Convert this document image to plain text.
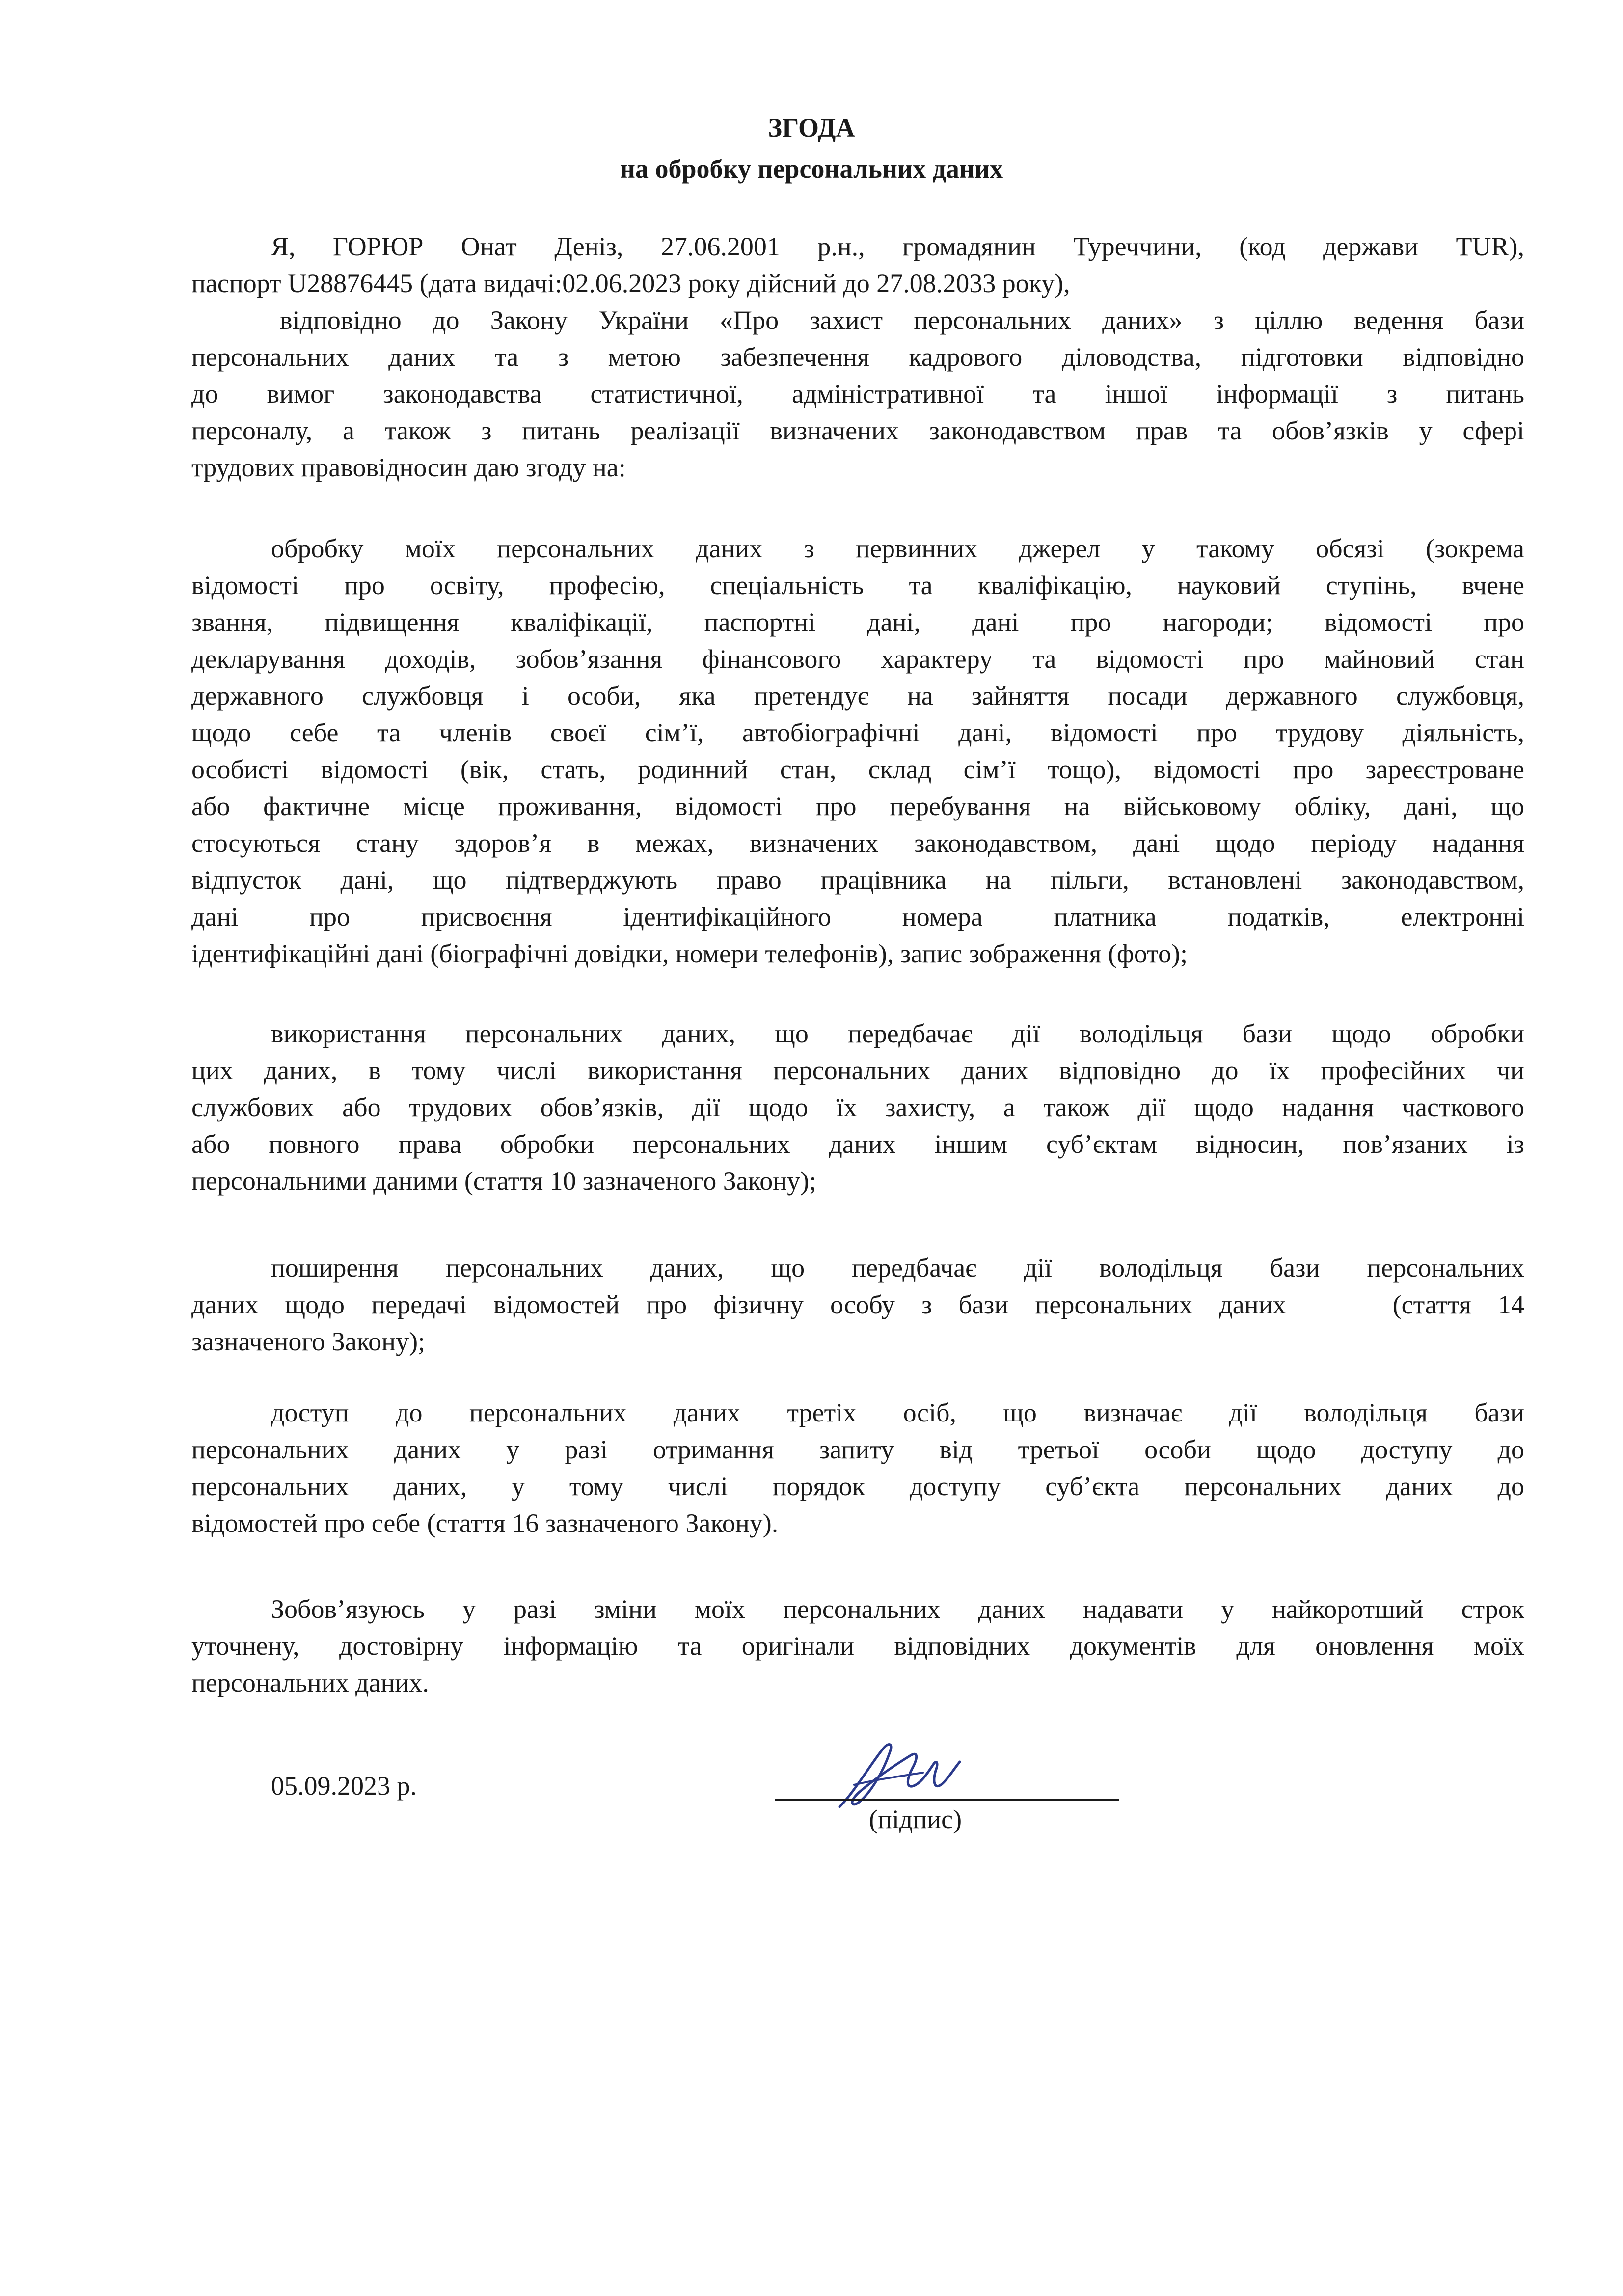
ЗГОДА
на обробку персональних даних
Я, ГОРЮР Онат Деніз, 27.06.2001 р.н., громадянин Туреччини, (код держави TUR),
паспорт U28876445 (дата видачі:02.06.2023 року дійсний до 27.08.2033 року),
відповідно до Закону України «Про захист персональних даних» з ціллю ведення бази
персональних даних та з метою забезпечення кадрового діловодства, підготовки відповідно
до вимог законодавства статистичної, адміністративної та іншої інформації з питань
персоналу, а також з питань реалізації визначених законодавством прав та обов’язків у сфері
трудових правовідносин даю згоду на:
обробку моїх персональних даних з первинних джерел у такому обсязі (зокрема
відомості про освіту, професію, спеціальність та кваліфікацію, науковий ступінь, вчене
звання, підвищення кваліфікації, паспортні дані, дані про нагороди; відомості про
декларування доходів, зобов’язання фінансового характеру та відомості про майновий стан
державного службовця і особи, яка претендує на зайняття посади державного службовця,
щодо себе та членів своєї сім’ї, автобіографічні дані, відомості про трудову діяльність,
особисті відомості (вік, стать, родинний стан, склад сім’ї тощо), відомості про зареєстроване
або фактичне місце проживання, відомості про перебування на військовому обліку, дані, що
стосуються стану здоров’я в межах, визначених законодавством, дані щодо періоду надання
відпусток дані, що підтверджують право працівника на пільги, встановлені законодавством,
дані про присвоєння ідентифікаційного номера платника податків, електронні
ідентифікаційні дані (біографічні довідки, номери телефонів), запис зображення (фото);
використання персональних даних, що передбачає дії володільця бази щодо обробки
цих даних, в тому числі використання персональних даних відповідно до їх професійних чи
службових або трудових обов’язків, дії щодо їх захисту, а також дії щодо надання часткового
або повного права обробки персональних даних іншим суб’єктам відносин, пов’язаних із
персональними даними (стаття 10 зазначеного Закону);
поширення персональних даних, що передбачає дії володільця бази персональних
даних щодо передачі відомостей про фізичну особу з бази персональних даних    (стаття 14
зазначеного Закону);
доступ до персональних даних третіх осіб, що визначає дії володільця бази
персональних даних у разі отримання запиту від третьої особи щодо доступу до
персональних даних, у тому числі порядок доступу суб’єкта персональних даних до
відомостей про себе (стаття 16 зазначеного Закону).
Зобов’язуюсь у разі зміни моїх персональних даних надавати у найкоротший строк
уточнену, достовірну інформацію та оригінали відповідних документів для оновлення моїх
персональних даних.
05.09.2023 р.
(підпис)
